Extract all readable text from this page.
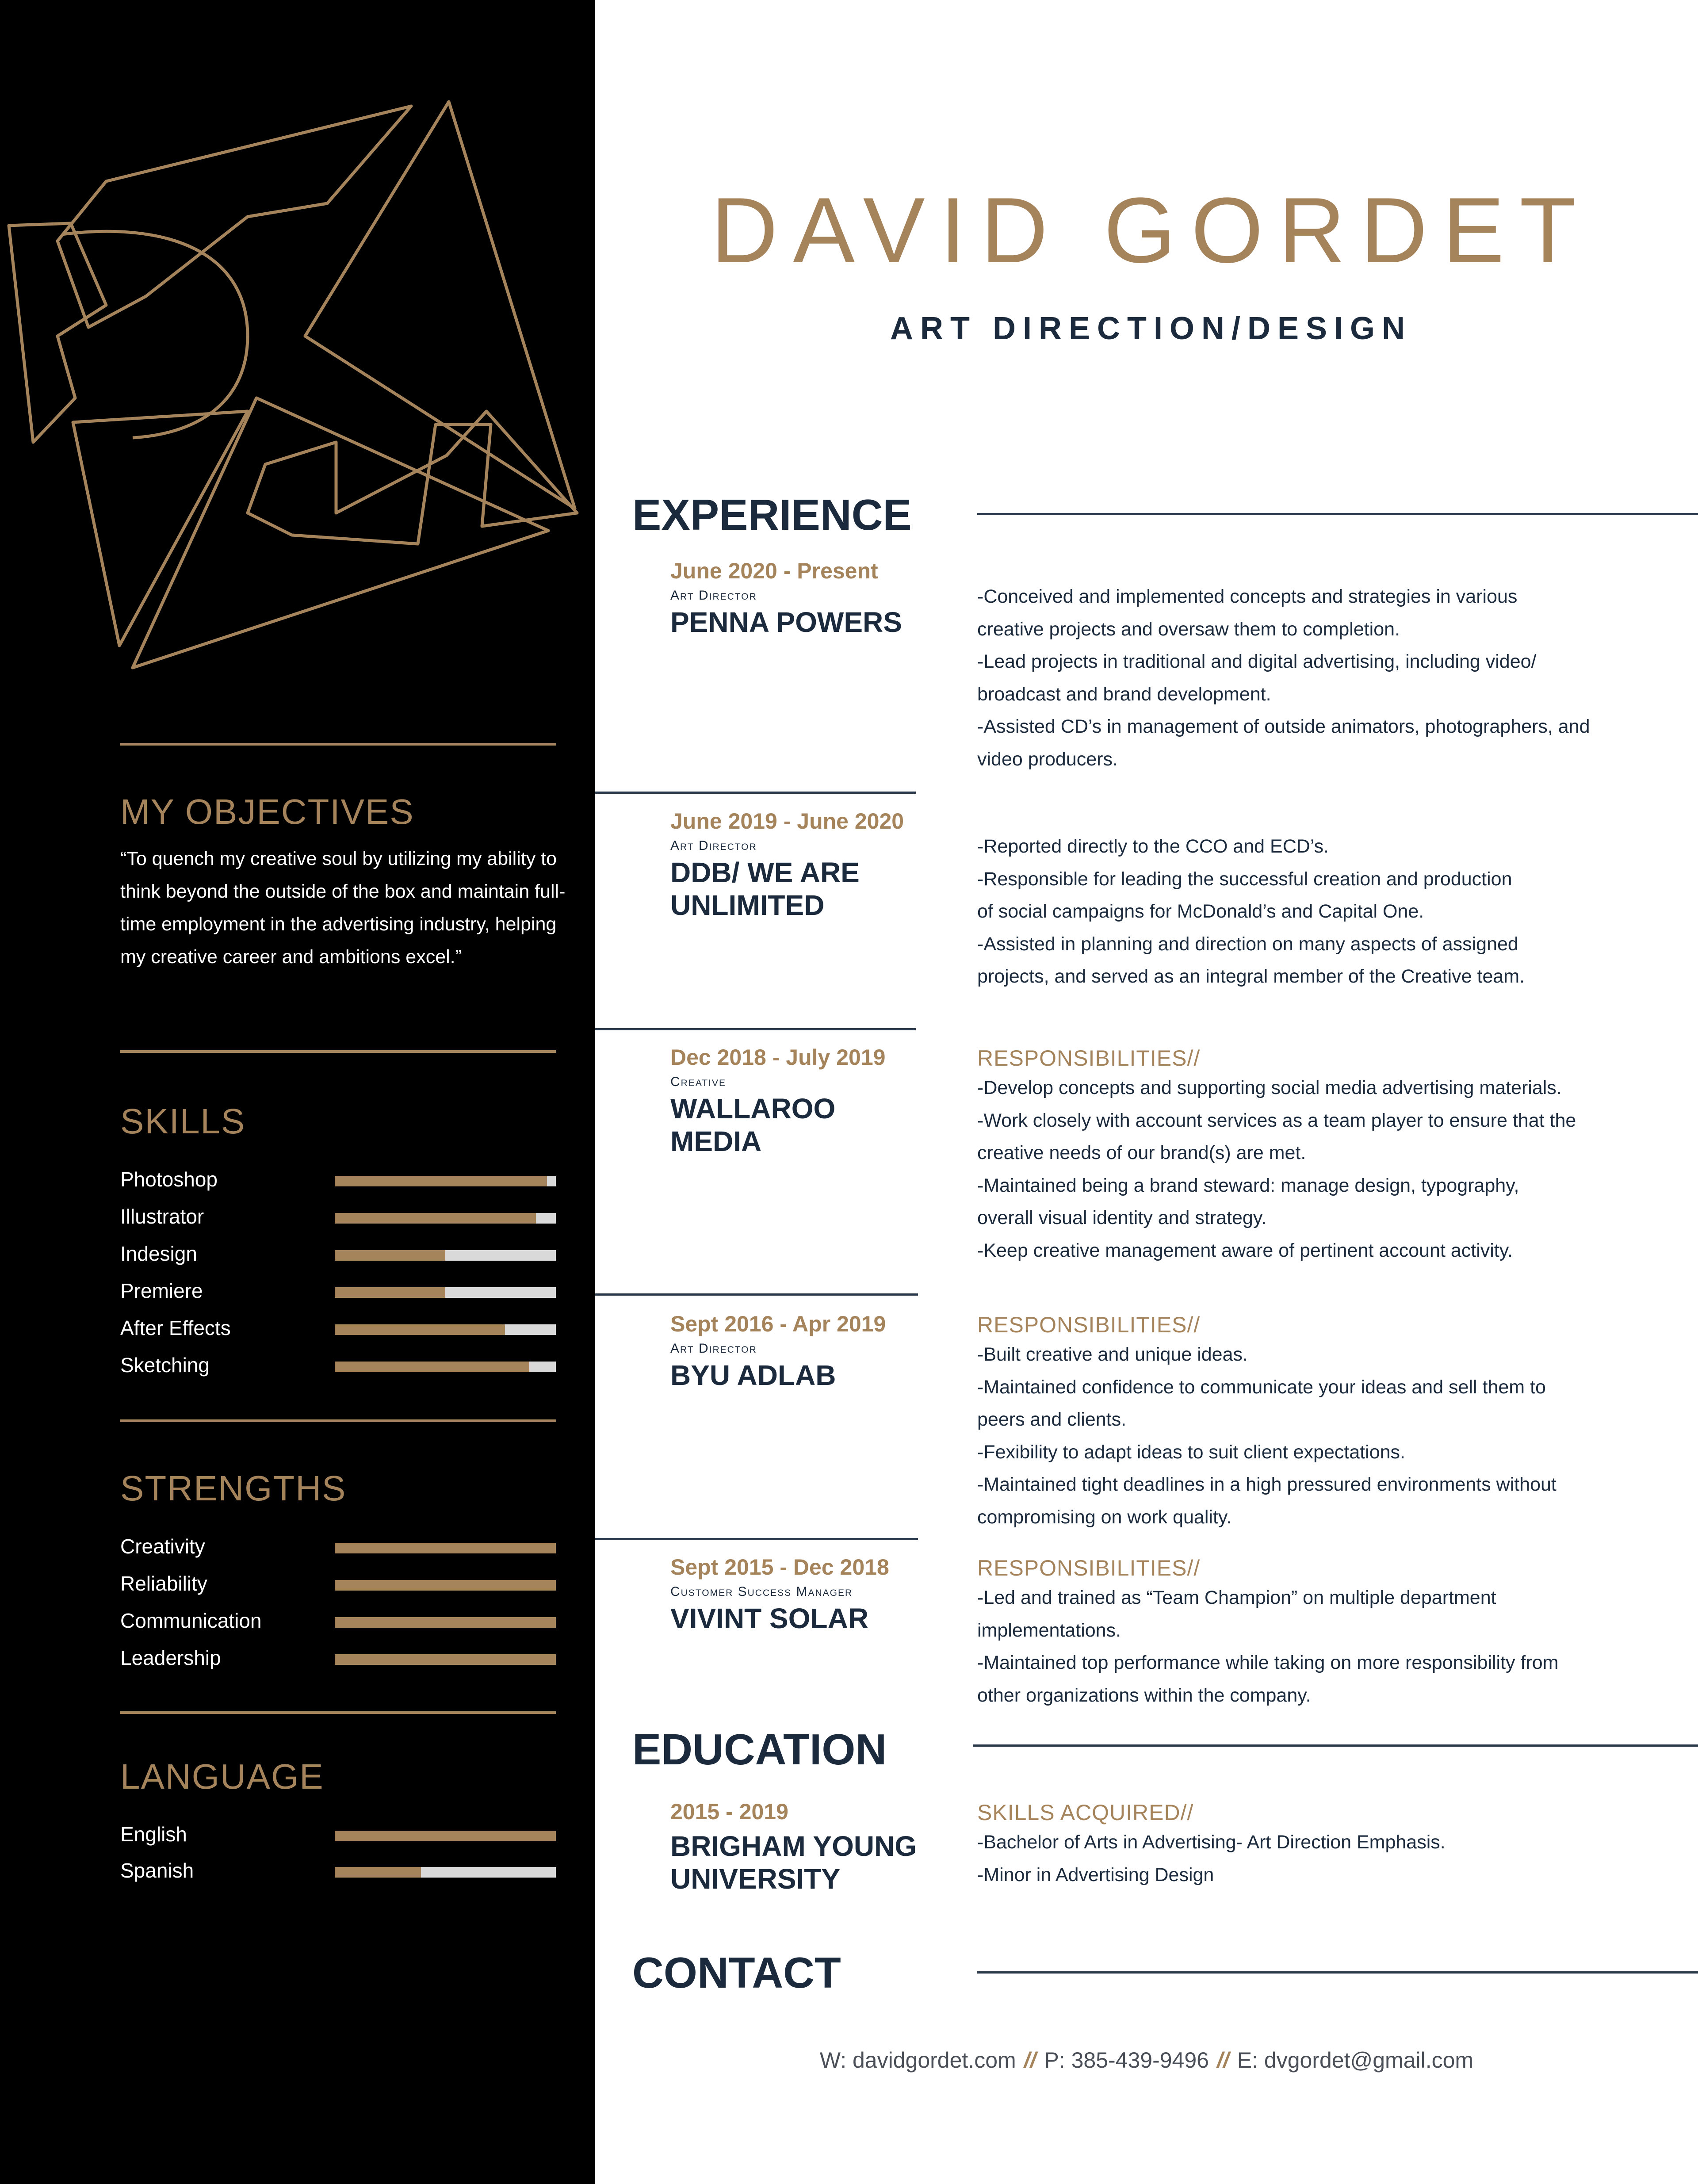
MY OBJECTIVES
“To quench my creative soul by utilizing my ability to think beyond the outside of the box and maintain full-time employment in the advertising industry, helping my creative career and ambitions excel.”
SKILLS
Photoshop
Illustrator
Indesign
Premiere
After Effects
Sketching
STRENGTHS
Creativity
Reliability
Communication
Leadership
LANGUAGE
English
Spanish
DAVID GORDET
ART DIRECTION/DESIGN
EXPERIENCE
June 2020 - Present
Art Director
PENNA POWERS
-Conceived and implemented concepts and strategies in various
creative projects and oversaw them to completion.
-Lead projects in traditional and digital advertising, including video/
broadcast and brand development.
-Assisted CD’s in management of outside animators, photographers, and
video producers.
June 2019 - June 2020
Art Director
DDB/ WE ARE UNLIMITED
-Reported directly to the CCO and ECD’s.
-Responsible for leading the successful creation and production
of social campaigns for McDonald’s and Capital One.
-Assisted in planning and direction on many aspects of assigned
projects, and served as an integral member of the Creative team.
Dec 2018 - July 2019
Creative
WALLAROO MEDIA
RESPONSIBILITIES//
-Develop concepts and supporting social media advertising materials.
-Work closely with account services as a team player to ensure that the
creative needs of our brand(s) are met.
-Maintained being a brand steward: manage design, typography,
overall visual identity and strategy.
-Keep creative management aware of pertinent account activity.
Sept 2016 - Apr 2019
Art Director
BYU ADLAB
RESPONSIBILITIES//
-Built creative and unique ideas.
-Maintained confidence to communicate your ideas and sell them to
peers and clients.
-Fexibility to adapt ideas to suit client expectations.
-Maintained tight deadlines in a high pressured environments without
compromising on work quality.
Sept 2015 - Dec 2018
Customer Success Manager
VIVINT SOLAR
RESPONSIBILITIES//
-Led and trained as “Team Champion” on multiple department
implementations.
-Maintained top performance while taking on more responsibility from
other organizations within the company.
EDUCATION
2015 - 2019
BRIGHAM YOUNG UNIVERSITY
SKILLS ACQUIRED//
-Bachelor of Arts in Advertising- Art Direction Emphasis.
-Minor in Advertising Design
CONTACT
W: davidgordet.com // P: 385-439-9496 // E: dvgordet@gmail.com
